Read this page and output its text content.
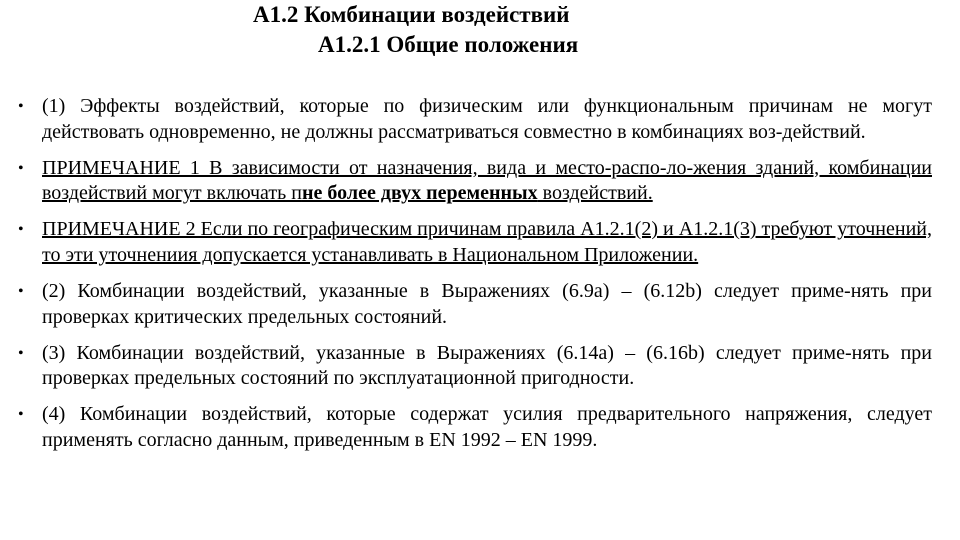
A1.2 Комбинации воздействий
A1.2.1 Общие положения
• (1) Эффекты воздействий, которые по физическим или функциональным причинам не могут действовать одновременно, не должны рассматриваться совместно в комбинациях воз-действий.
• ПРИМЕЧАНИЕ 1 В зависимости от назначения, вида и место-распо-ло-жения зданий, комбинации воздействий могут включать пне более двух переменных воздействий.
• ПРИМЕЧАНИЕ 2 Если по географическим причинам правила A1.2.1(2) и A1.2.1(3) требуют уточнений, то эти уточнениия допускается устанавливать в Национальном Приложении.
• (2) Комбинации воздействий, указанные в Выражениях (6.9a) – (6.12b) следует приме-нять при проверках критических предельных состояний.
• (3) Комбинации воздействий, указанные в Выражениях (6.14a) – (6.16b) следует приме-нять при проверках предельных состояний по эксплуатационной пригодности.
• (4) Комбинации воздействий, которые содержат усилия предварительного напряжения, следует применять согласно данным, приведенным в EN 1992 – EN 1999.
